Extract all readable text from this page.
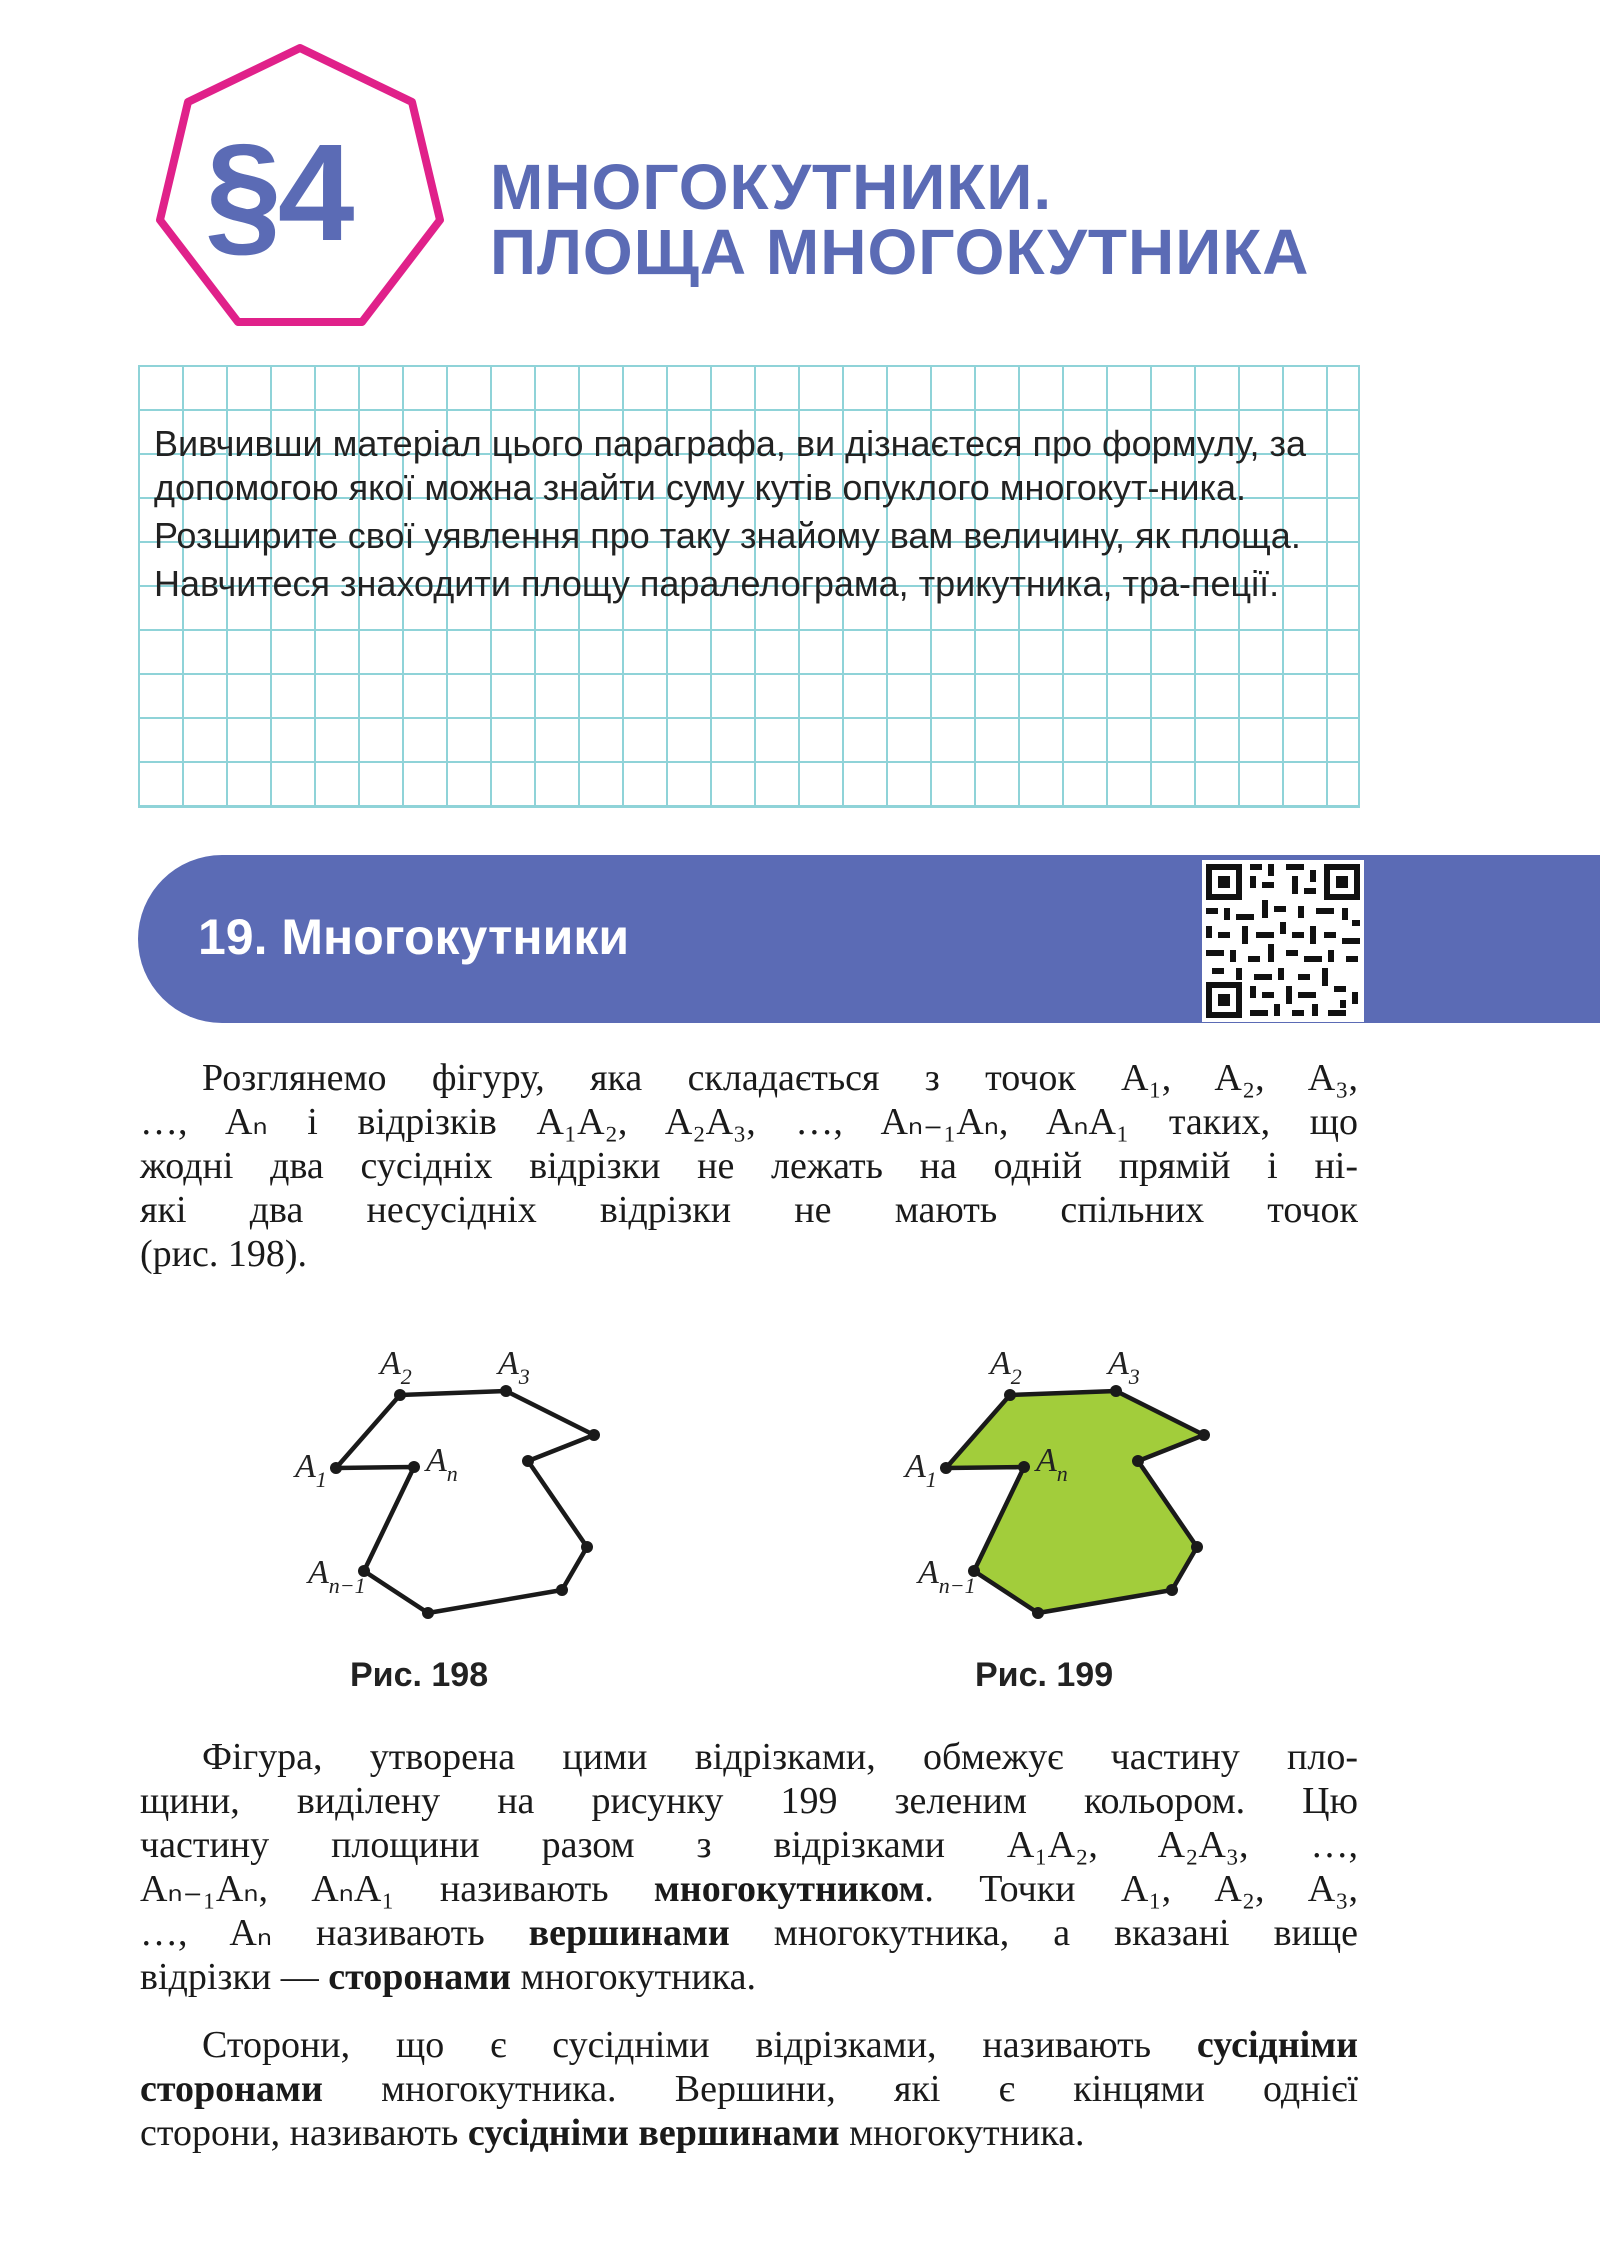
§4 МНОГОКУТНИКИ.
ПЛОЩА МНОГОКУТНИКА

Вивчивши матеріал цього параграфа, ви дізнаєтеся про формулу, за допомогою якої можна знайти суму кутів опуклого многокут-ника.

Розширите свої уявлення про таку знайому вам величину, як площа.

Навчитеся знаходити площу паралелограма, трикутника, тра-пеції.

19. Многокутники

Розглянемо фігуру, яка складається з точок A₁, A₂, A₃,

…, Aₙ і відрізків A₁A₂, A₂A₃, …, Aₙ₋₁Aₙ, AₙA₁ таких, що

жодні два сусідніх відрізки не лежать на одній прямій і ні-

які два несусідніх відрізки не мають спільних точок

(рис. 198).

$A_2$	$A_3$
$A_1$
$A_n$
$A_{n-1}$
Рис. 198
$A_2$	$A_3$
$A_1$
$A_n$
$A_{n-1}$
Рис. 199

Фігура, утворена цими відрізками, обмежує частину пло-

щини, виділену на рисунку 199 зеленим кольором. Цю

частину площини разом з відрізками A₁A₂, A₂A₃, …,

Aₙ₋₁Aₙ, AₙA₁ називають многокутником. Точки A₁, A₂, A₃,

…, Aₙ називають вершинами многокутника, а вказані вище

відрізки — сторонами многокутника.

Сторони, що є сусідніми відрізками, називають сусідніми

сторонами многокутника. Вершини, які є кінцями однієї

сторони, називають сусідніми вершинами многокутника.
